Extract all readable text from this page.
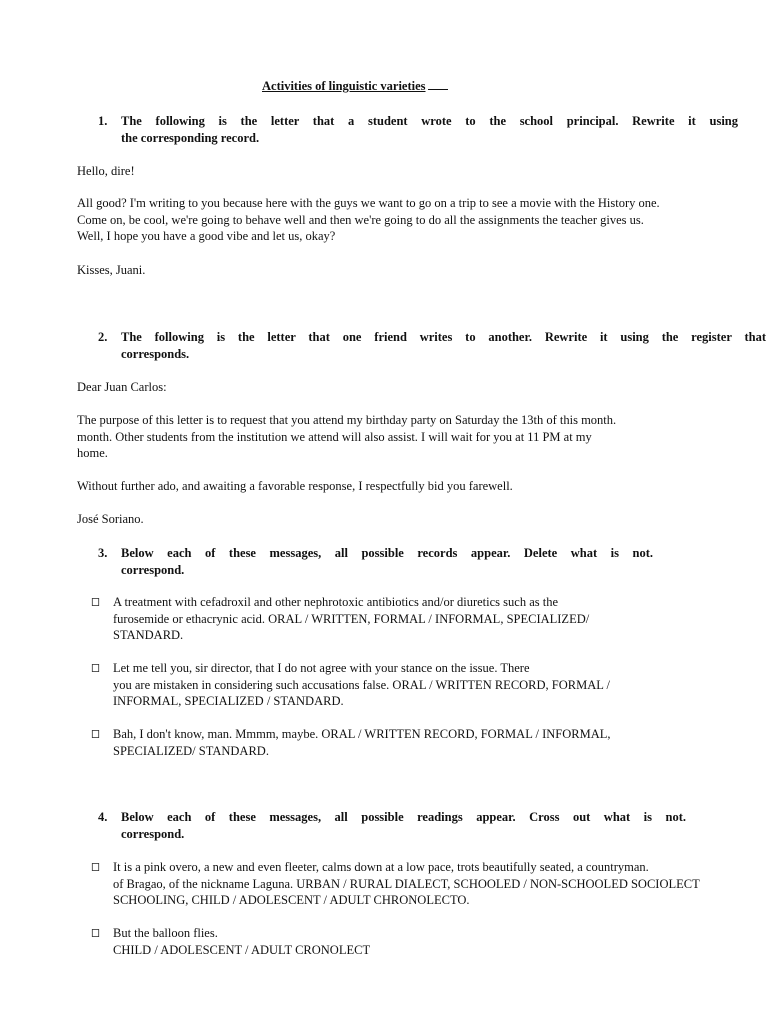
Activities of linguistic varieties
1. The following is the letter that a student wrote to the school principal. Rewrite it using
the corresponding record.
Hello, dire!
All good? I'm writing to you because here with the guys we want to go on a trip to see a movie with the History one.
Come on, be cool, we're going to behave well and then we're going to do all the assignments the teacher gives us.
Well, I hope you have a good vibe and let us, okay?
Kisses, Juani.
2. The following is the letter that one friend writes to another. Rewrite it using the register that
corresponds.
Dear Juan Carlos:
The purpose of this letter is to request that you attend my birthday party on Saturday the 13th of this month.
month. Other students from the institution we attend will also assist. I will wait for you at 11 PM at my
home.
Without further ado, and awaiting a favorable response, I respectfully bid you farewell.
José Soriano.
3. Below each of these messages, all possible records appear. Delete what is not.
correspond.
A treatment with cefadroxil and other nephrotoxic antibiotics and/or diuretics such as the
furosemide or ethacrynic acid. ORAL / WRITTEN, FORMAL / INFORMAL, SPECIALIZED/
STANDARD.
Let me tell you, sir director, that I do not agree with your stance on the issue. There
you are mistaken in considering such accusations false. ORAL / WRITTEN RECORD, FORMAL /
INFORMAL, SPECIALIZED / STANDARD.
Bah, I don't know, man. Mmmm, maybe. ORAL / WRITTEN RECORD, FORMAL / INFORMAL,
SPECIALIZED/ STANDARD.
4. Below each of these messages, all possible readings appear. Cross out what is not.
correspond.
It is a pink overo, a new and even fleeter, calms down at a low pace, trots beautifully seated, a countryman.
of Bragao, of the nickname Laguna. URBAN / RURAL DIALECT, SCHOOLED / NON-SCHOOLED SOCIOLECT
SCHOOLING, CHILD / ADOLESCENT / ADULT CHRONOLECTO.
But the balloon flies.
CHILD / ADOLESCENT / ADULT CRONOLECT
